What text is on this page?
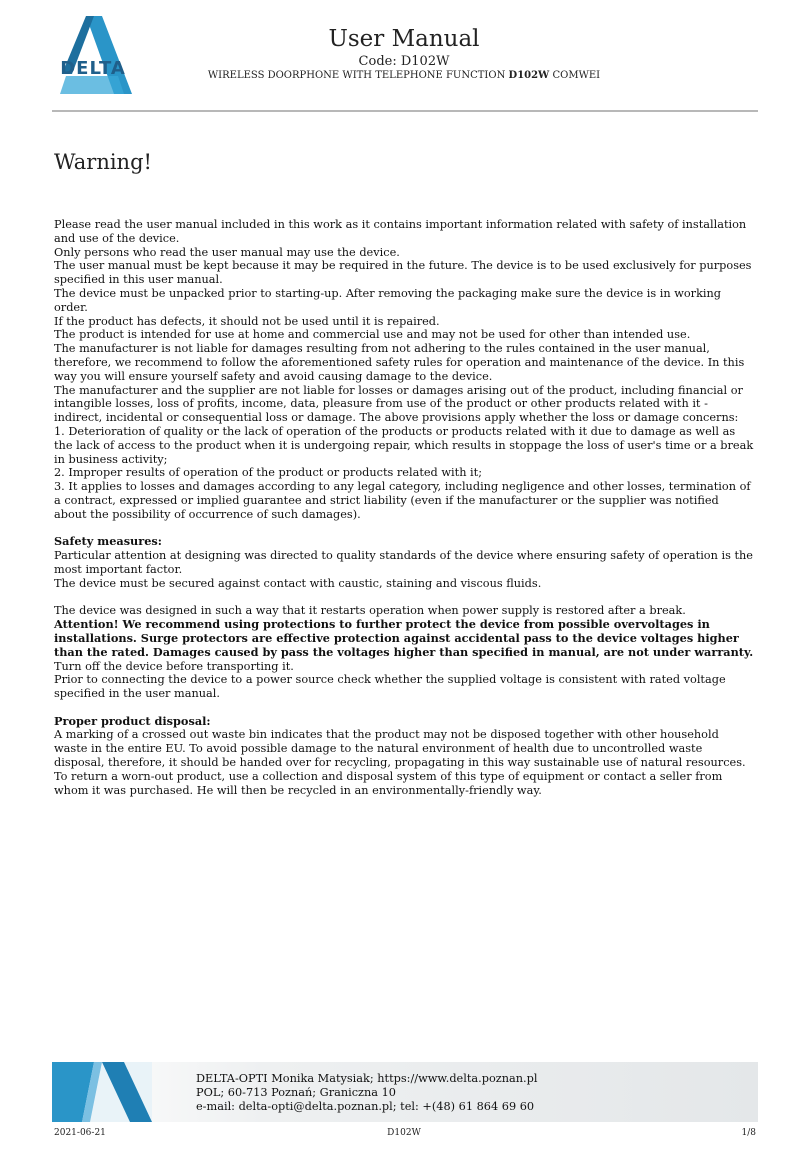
DELTA
User Manual
Code: D102W
WIRELESS DOORPHONE WITH TELEPHONE FUNCTION D102W COMWEI
Warning!

Please read the user manual included in this work as it contains important information related with safety of installation and use of the device.

Only persons who read the user manual may use the device.

The user manual must be kept because it may be required in the future. The device is to be used exclusively for purposes specified in this user manual.

The device must be unpacked prior to starting-up. After removing the packaging make sure the device is in working order.

If the product has defects, it should not be used until it is repaired.

The product is intended for use at home and commercial use and may not be used for other than intended use.

The manufacturer is not liable for damages resulting from not adhering to the rules contained in the user manual, therefore, we recommend to follow the aforementioned safety rules for operation and maintenance of the device. In this way you will ensure yourself safety and avoid causing damage to the device.

The manufacturer and the supplier are not liable for losses or damages arising out of the product, including financial or intangible losses, loss of profits, income, data, pleasure from use of the product or other products related with it - indirect, incidental or consequential loss or damage. The above provisions apply whether the loss or damage concerns:

1. Deterioration of quality or the lack of operation of the products or products related with it due to damage as well as the lack of access to the product when it is undergoing repair, which results in stoppage the loss of user's time or a break in business activity;

2. Improper results of operation of the product or products related with it;

3. It applies to losses and damages according to any legal category, including negligence and other losses, termination of a contract, expressed or implied guarantee and strict liability (even if the manufacturer or the supplier was notified about the possibility of occurrence of such damages).

Safety measures:

Particular attention at designing was directed to quality standards of the device where ensuring safety of operation is the most important factor.

The device must be secured against contact with caustic, staining and viscous fluids.

The device was designed in such a way that it restarts operation when power supply is restored after a break.

Attention! We recommend using protections to further protect the device from possible overvoltages in installations. Surge protectors are effective protection against accidental pass to the device voltages higher than the rated. Damages caused by pass the voltages higher than specified in manual, are not under warranty.

Turn off the device before transporting it.

Prior to connecting the device to a power source check whether the supplied voltage is consistent with rated voltage specified in the user manual.

Proper product disposal:

A marking of a crossed out waste bin indicates that the product may not be disposed together with other household waste in the entire EU. To avoid possible damage to the natural environment of health due to uncontrolled waste disposal, therefore, it should be handed over for recycling, propagating in this way sustainable use of natural resources.

To return a worn-out product, use a collection and disposal system of this type of equipment or contact a seller from whom it was purchased. He will then be recycled in an environmentally-friendly way.

DELTA-OPTI Monika Matysiak; https://www.delta.poznan.pl
POL; 60-713 Poznań; Graniczna 10
e-mail: delta-opti@delta.poznan.pl; tel: +(48) 61 864 69 60
2021-06-21	D102W	1/8
